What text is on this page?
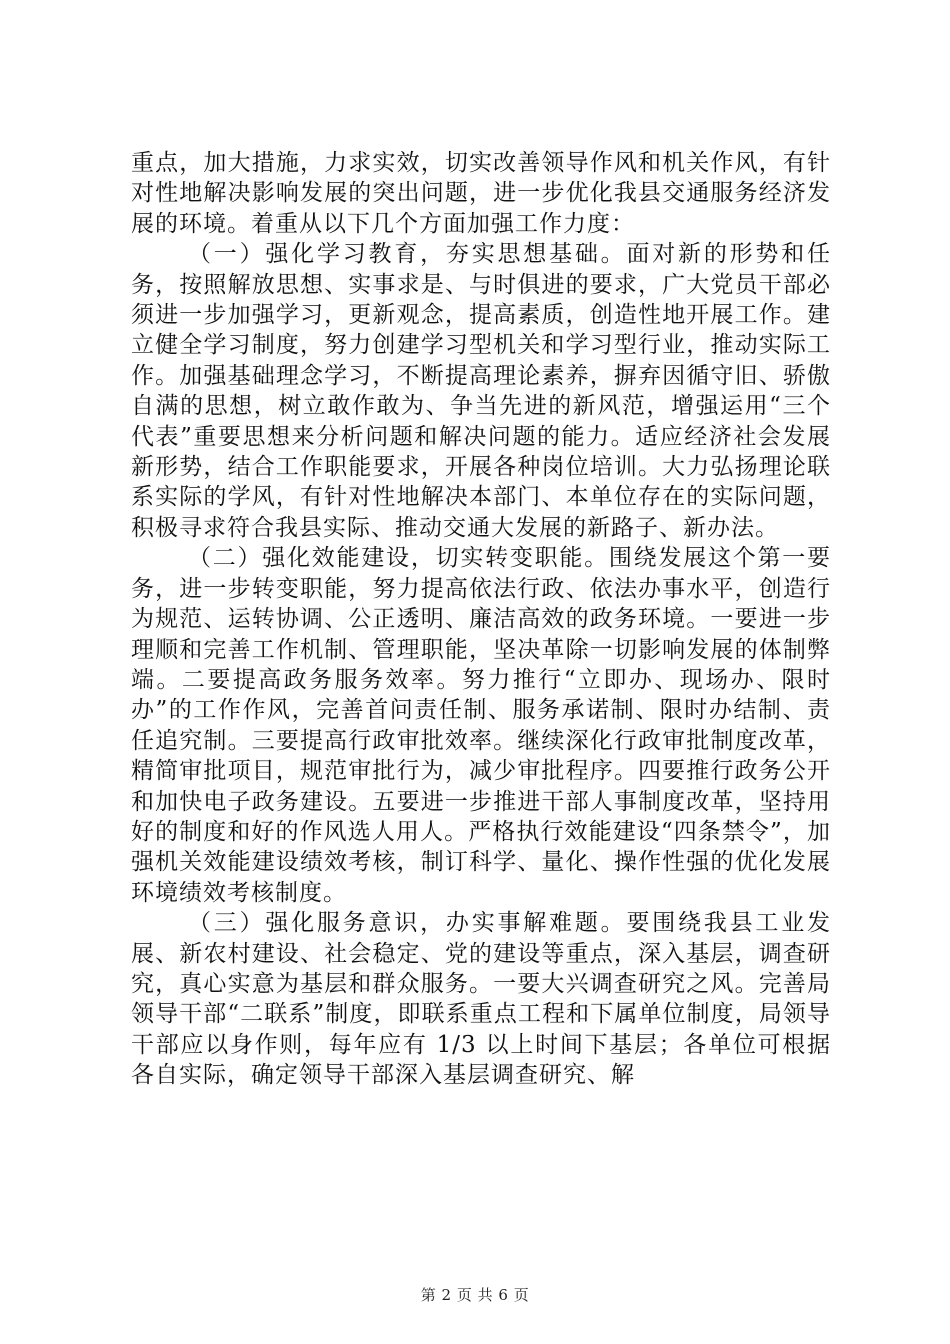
重点，加大措施，力求实效，切实改善领导作风和机关作风，有针对性地解决影响发展的突出问题，进一步优化我县交通服务经济发展的环境。着重从以下几个方面加强工作力度：

（一）强化学习教育，夯实思想基础。面对新的形势和任务，按照解放思想、实事求是、与时俱进的要求，广大党员干部必须进一步加强学习，更新观念，提高素质，创造性地开展工作。建立健全学习制度，努力创建学习型机关和学习型行业，推动实际工作。加强基础理念学习，不断提高理论素养，摒弃因循守旧、骄傲自满的思想，树立敢作敢为、争当先进的新风范，增强运用“三个代表”重要思想来分析问题和解决问题的能力。适应经济社会发展新形势，结合工作职能要求，开展各种岗位培训。大力弘扬理论联系实际的学风，有针对性地解决本部门、本单位存在的实际问题，积极寻求符合我县实际、推动交通大发展的新路子、新办法。

（二）强化效能建设，切实转变职能。围绕发展这个第一要务，进一步转变职能，努力提高依法行政、依法办事水平，创造行为规范、运转协调、公正透明、廉洁高效的政务环境。一要进一步理顺和完善工作机制、管理职能，坚决革除一切影响发展的体制弊端。二要提高政务服务效率。努力推行“立即办、现场办、限时办”的工作作风，完善首问责任制、服务承诺制、限时办结制、责任追究制。三要提高行政审批效率。继续深化行政审批制度改革，精简审批项目，规范审批行为，减少审批程序。四要推行政务公开和加快电子政务建设。五要进一步推进干部人事制度改革，坚持用好的制度和好的作风选人用人。严格执行效能建设“四条禁令”，加强机关效能建设绩效考核，制订科学、量化、操作性强的优化发展环境绩效考核制度。

（三）强化服务意识，办实事解难题。要围绕我县工业发展、新农村建设、社会稳定、党的建设等重点，深入基层，调查研究，真心实意为基层和群众服务。一要大兴调查研究之风。完善局领导干部“二联系”制度，即联系重点工程和下属单位制度，局领导干部应以身作则，每年应有 1/3 以上时间下基层；各单位可根据各自实际，确定领导干部深入基层调查研究、解

第 2 页 共 6 页
